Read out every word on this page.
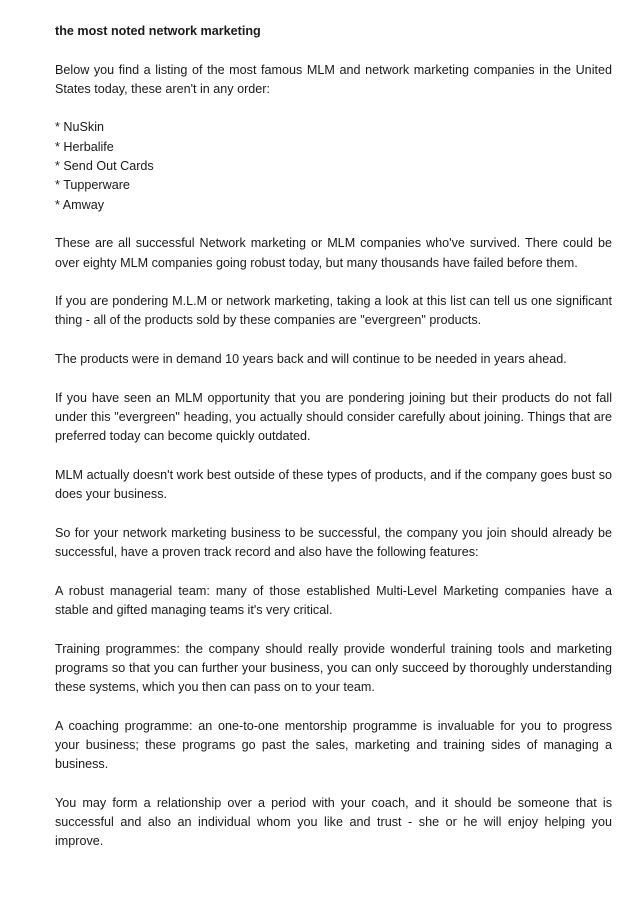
the most noted network marketing

Below you find a listing of the most famous MLM and network marketing companies in the United States today, these aren't in any order:

* NuSkin
* Herbalife
* Send Out Cards
* Tupperware
* Amway

These are all successful Network marketing or MLM companies who've survived. There could be over eighty MLM companies going robust today, but many thousands have failed before them.

If you are pondering M.L.M or network marketing, taking a look at this list can tell us one significant thing - all of the products sold by these companies are "evergreen" products.

The products were in demand 10 years back and will continue to be needed in years ahead.

If you have seen an MLM opportunity that you are pondering joining but their products do not fall under this "evergreen" heading, you actually should consider carefully about joining. Things that are preferred today can become quickly outdated.

MLM actually doesn't work best outside of these types of products, and if the company goes bust so does your business.

So for your network marketing business to be successful, the company you join should already be successful, have a proven track record and also have the following features:

A robust managerial team: many of those established Multi-Level Marketing companies have a stable and gifted managing teams it's very critical.

Training programmes: the company should really provide wonderful training tools and marketing programs so that you can further your business, you can only succeed by thoroughly understanding these systems, which you then can pass on to your team.

A coaching programme: an one-to-one mentorship programme is invaluable for you to progress your business; these programs go past the sales, marketing and training sides of managing a business.

You may form a relationship over a period with your coach, and it should be someone that is successful and also an individual whom you like and trust - she or he will enjoy helping you improve.
